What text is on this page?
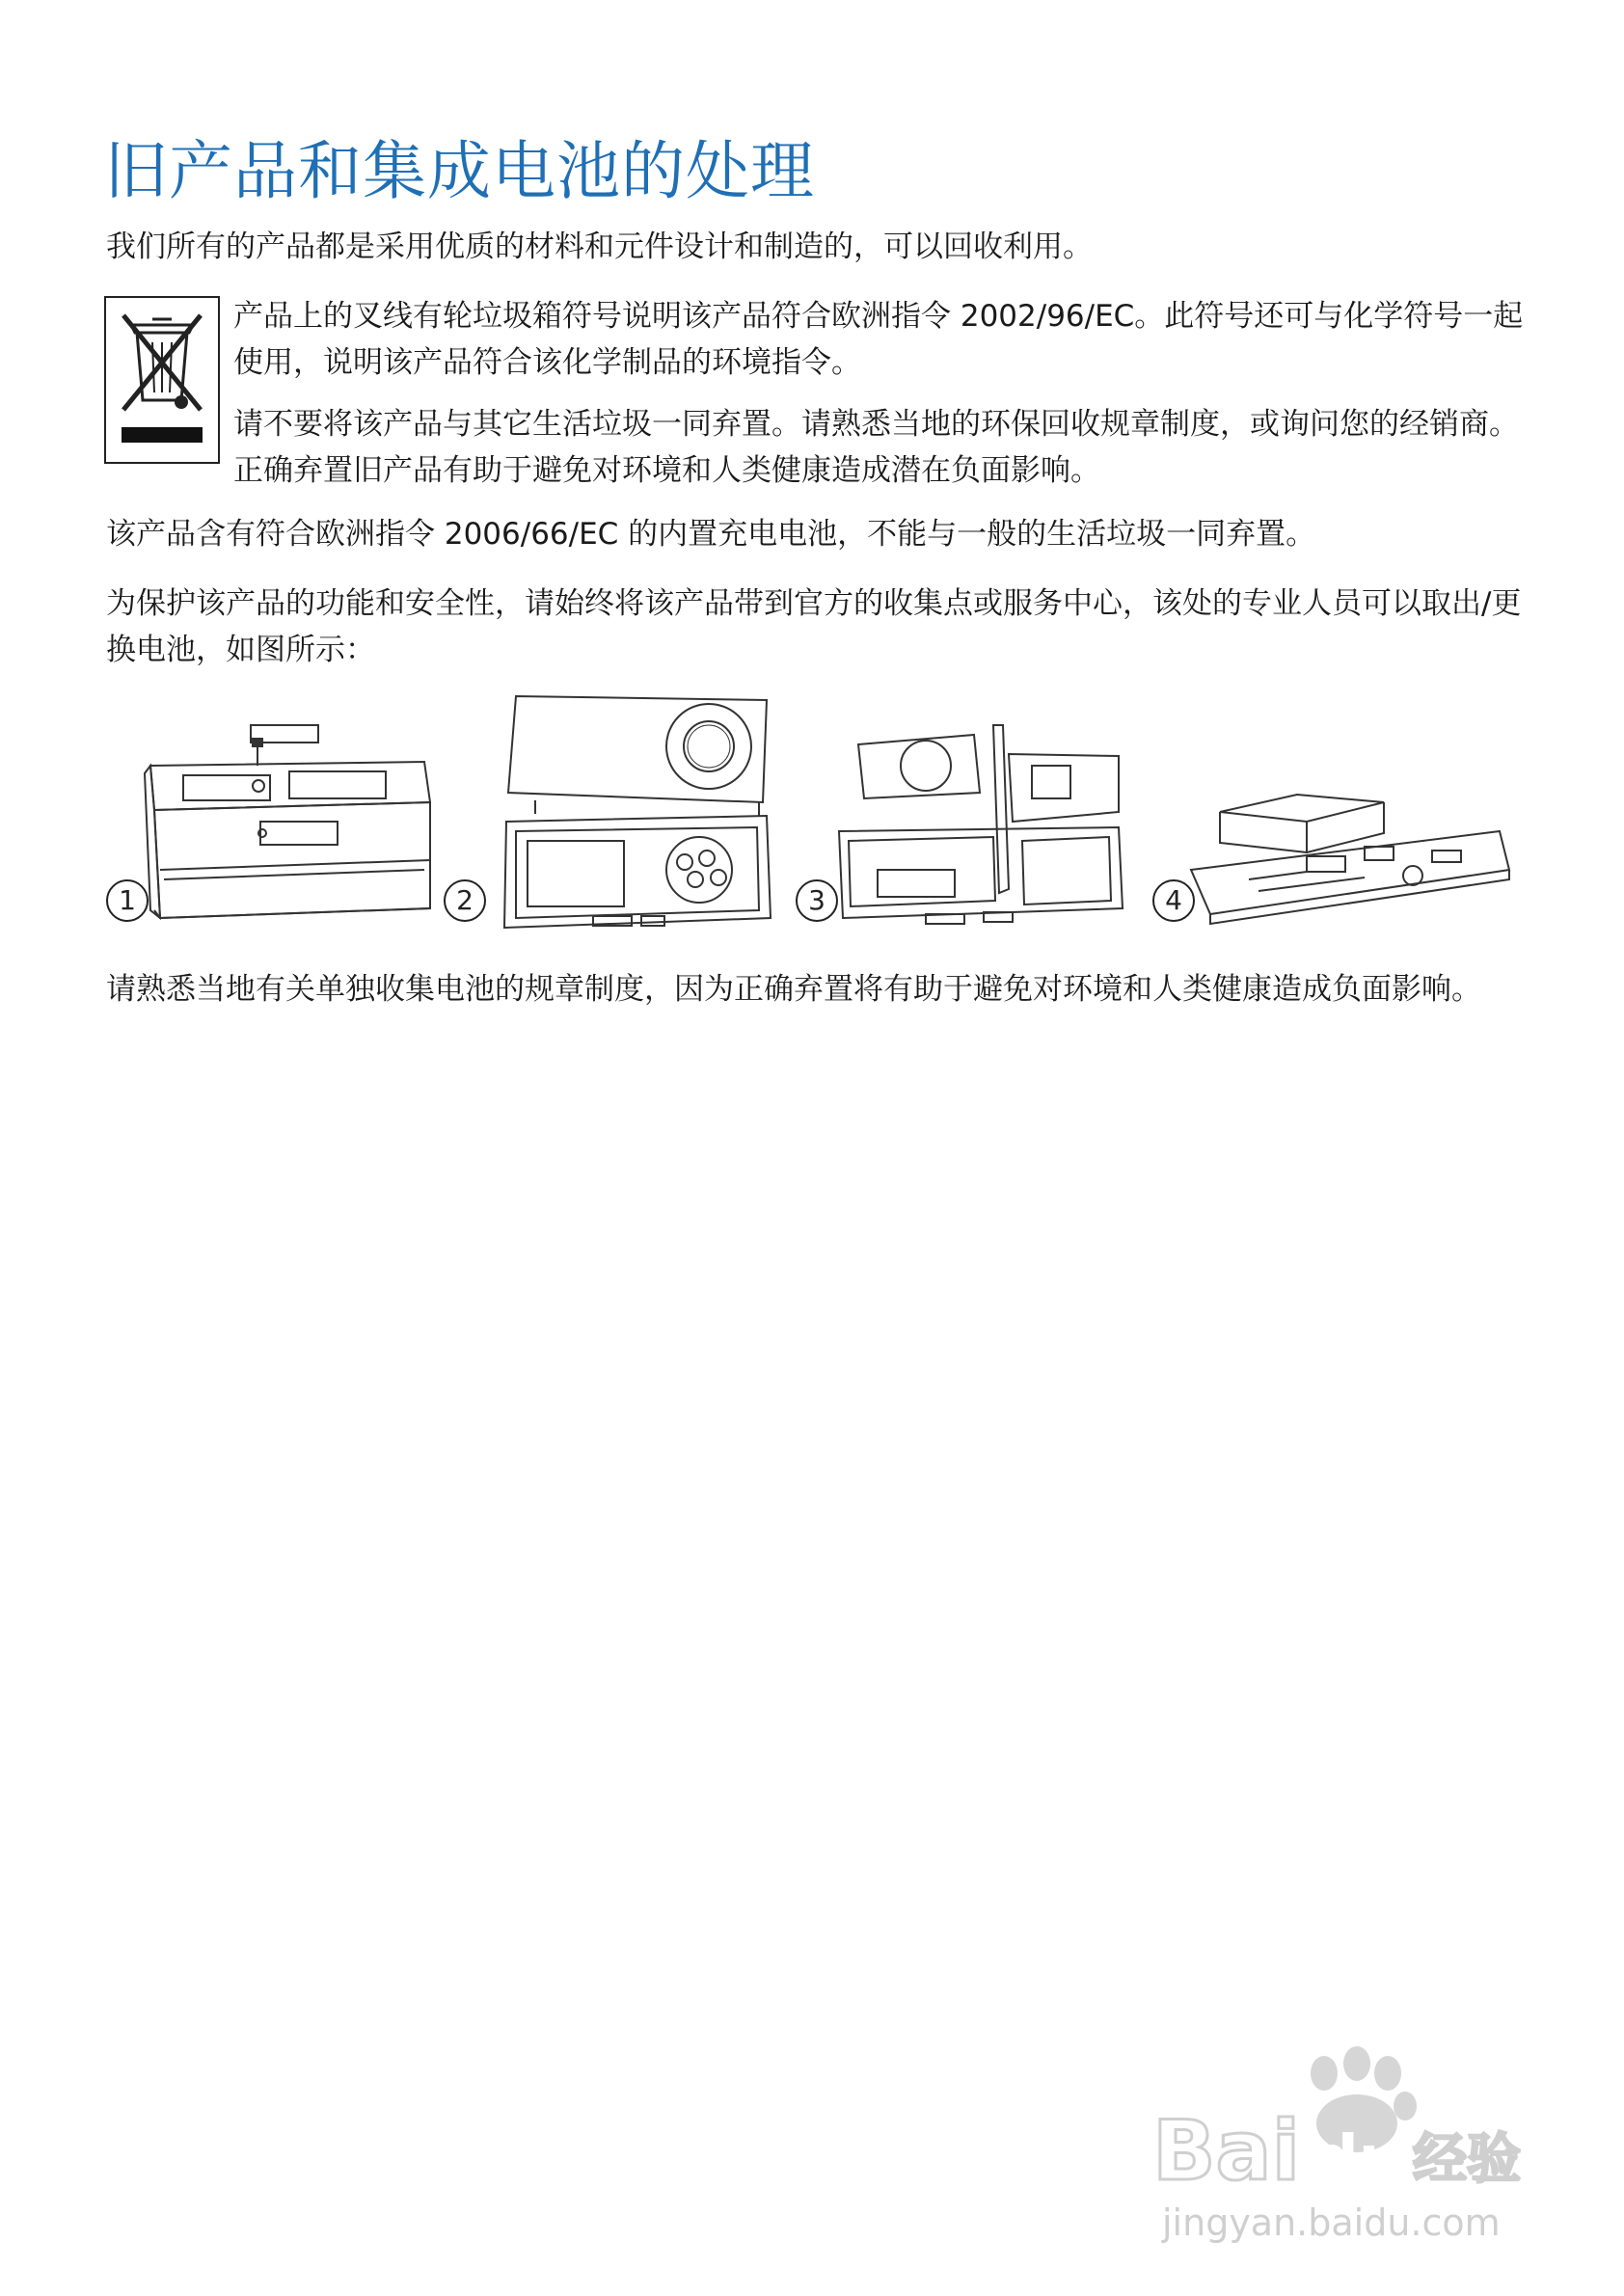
旧产品和集成电池的处理

我们所有的产品都是采用优质的材料和元件设计和制造的，可以回收利用。

产品上的叉线有轮垃圾箱符号说明该产品符合欧洲指令 2002/96/EC。此符号还可与化学符号一起使用，说明该产品符合该化学制品的环境指令。

请不要将该产品与其它生活垃圾一同弃置。请熟悉当地的环保回收规章制度，或询问您的经销商。正确弃置旧产品有助于避免对环境和人类健康造成潜在负面影响。

该产品含有符合欧洲指令 2006/66/EC 的内置充电电池，不能与一般的生活垃圾一同弃置。

为保护该产品的功能和安全性，请始终将该产品带到官方的收集点或服务中心，该处的专业人员可以取出/更换电池，如图所示：

1	2	3	4

请熟悉当地有关单独收集电池的规章制度，因为正确弃置将有助于避免对环境和人类健康造成负面影响。

Bai du 经验
jingyan.baidu.com
